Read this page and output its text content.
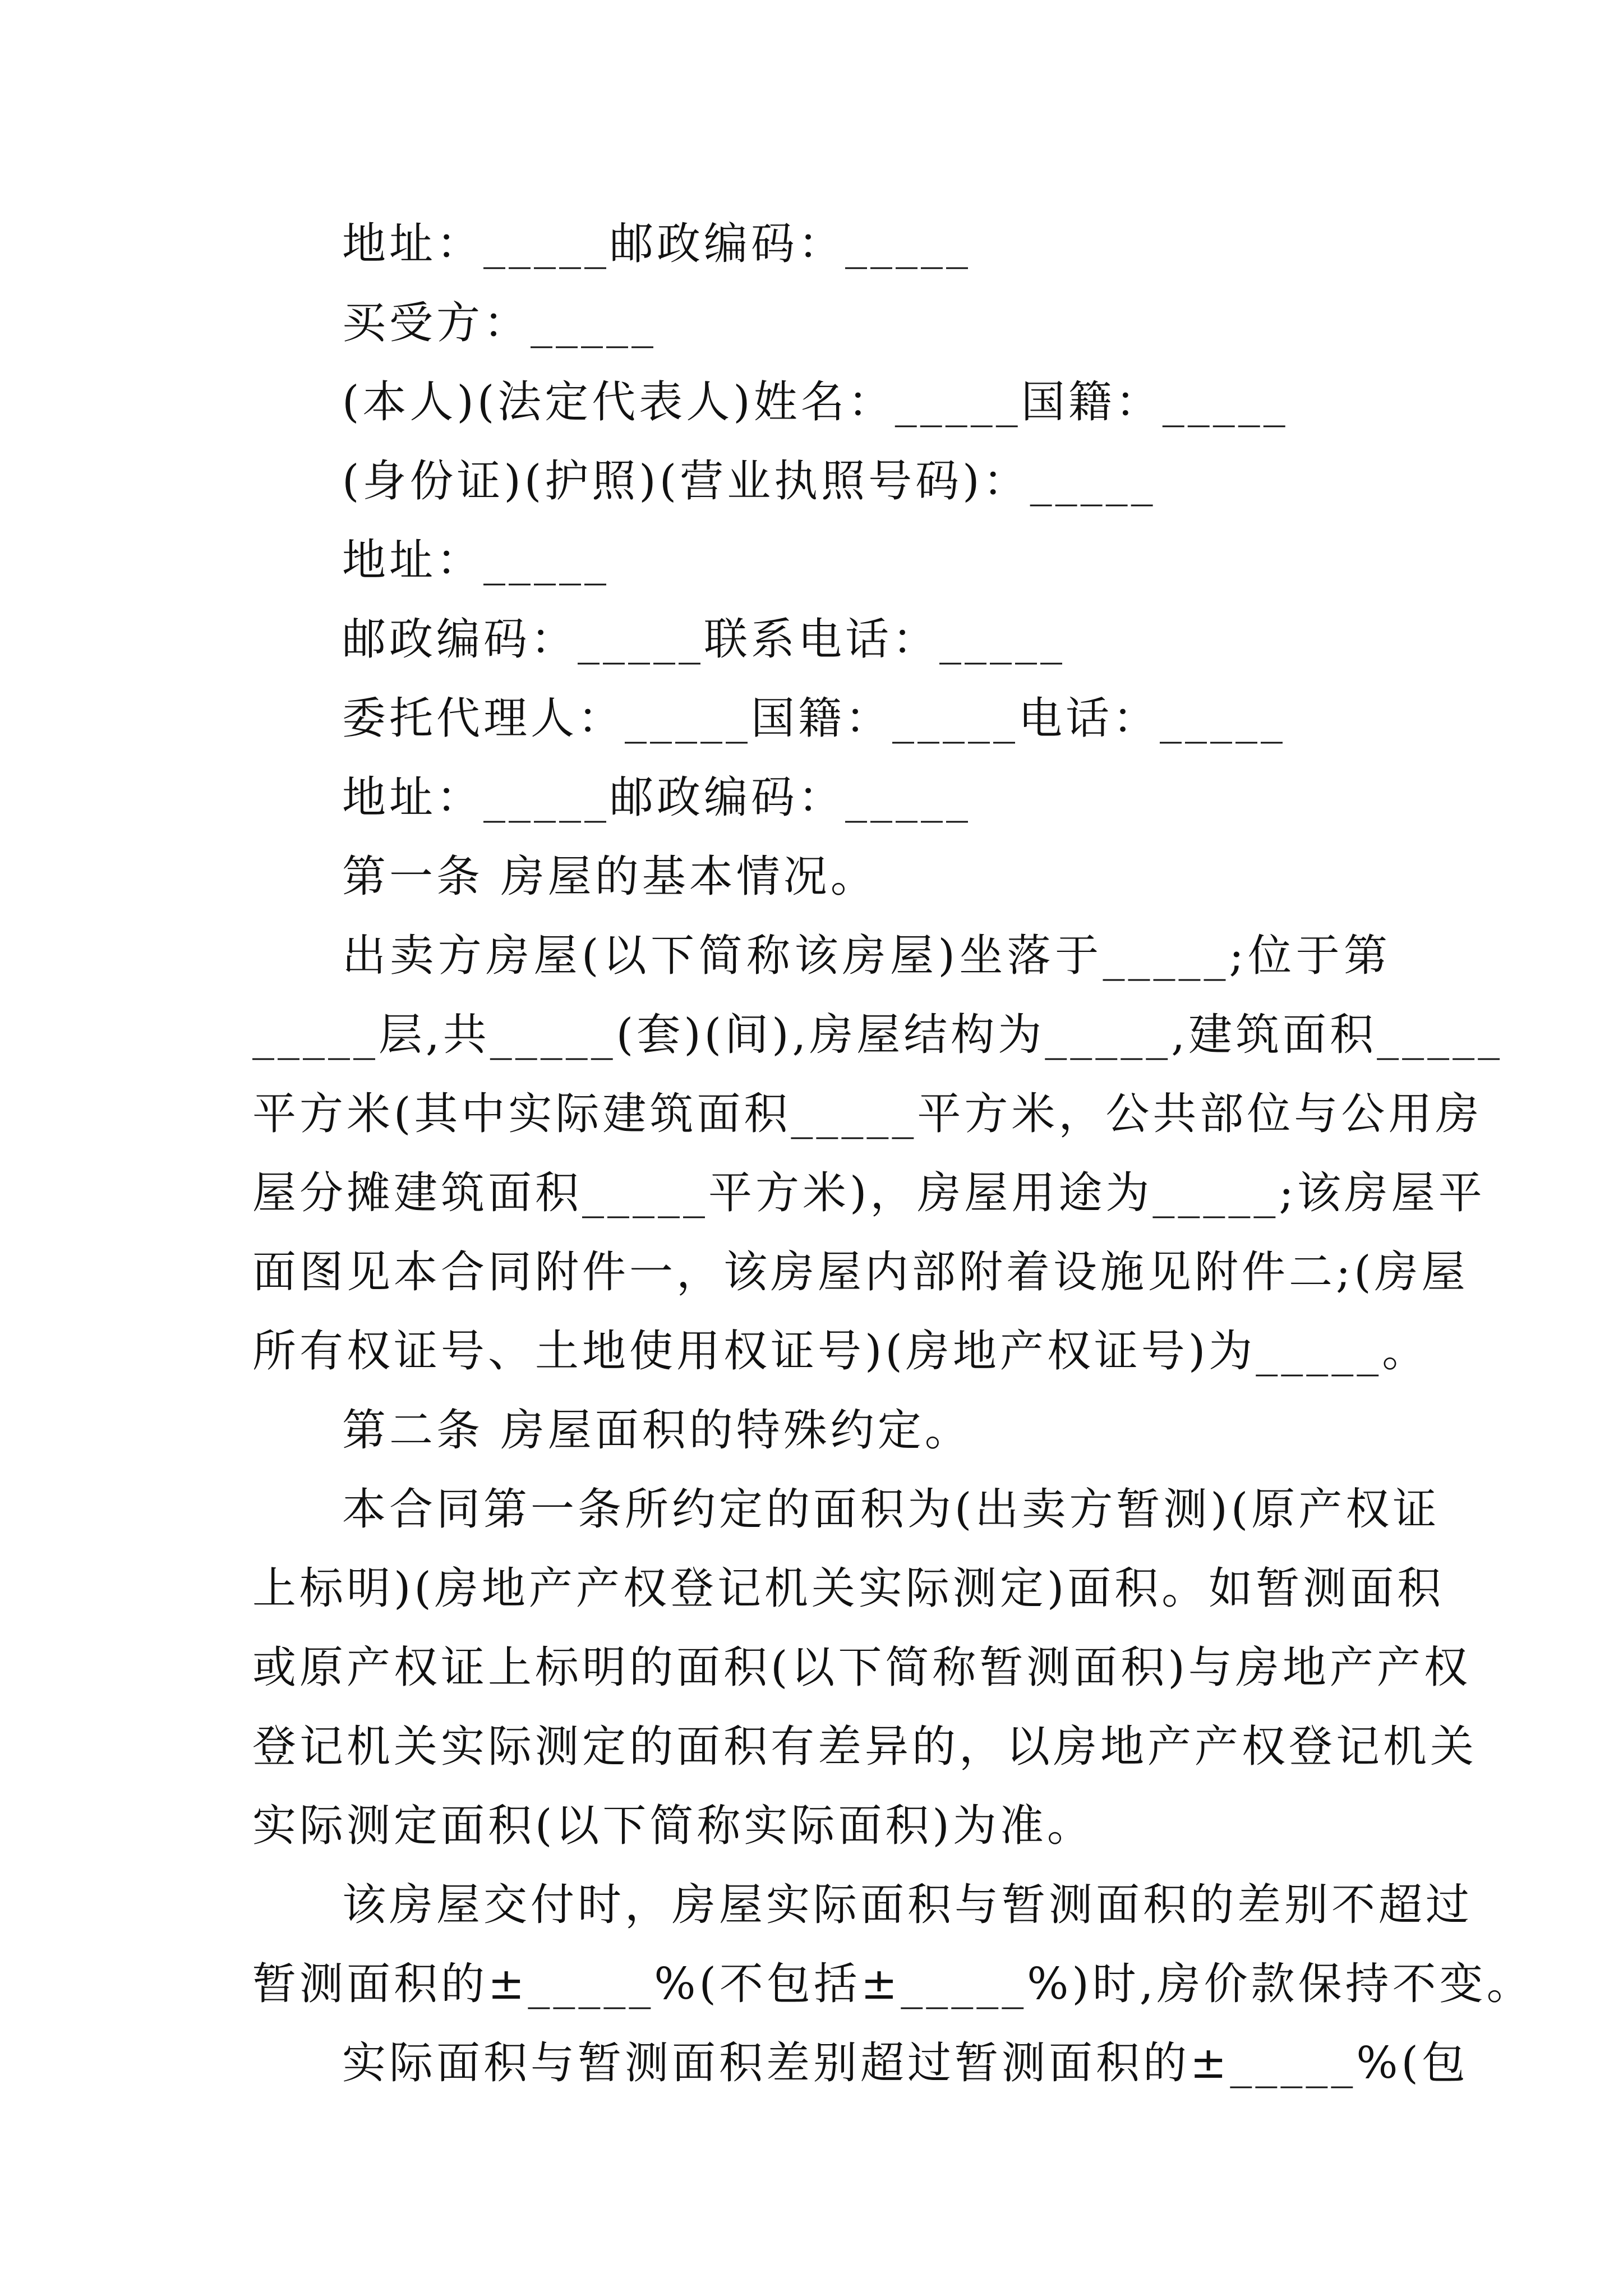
地址：_____邮政编码：_____
买受方：_____
(本人)(法定代表人)姓名：_____国籍：_____
(身份证)(护照)(营业执照号码)：_____
地址：_____
邮政编码：_____联系电话：_____
委托代理人：_____国籍：_____电话：_____
地址：_____邮政编码：_____
第一条 房屋的基本情况。
出卖方房屋(以下简称该房屋)坐落于_____;位于第
_____层,共_____(套)(间),房屋结构为_____,建筑面积_____
平方米(其中实际建筑面积_____平方米，公共部位与公用房
屋分摊建筑面积_____平方米)，房屋用途为_____;该房屋平
面图见本合同附件一，该房屋内部附着设施见附件二;(房屋
所有权证号、土地使用权证号)(房地产权证号)为_____。
第二条 房屋面积的特殊约定。
本合同第一条所约定的面积为(出卖方暂测)(原产权证
上标明)(房地产产权登记机关实际测定)面积。如暂测面积
或原产权证上标明的面积(以下简称暂测面积)与房地产产权
登记机关实际测定的面积有差异的，以房地产产权登记机关
实际测定面积(以下简称实际面积)为准。
该房屋交付时，房屋实际面积与暂测面积的差别不超过
暂测面积的±_____%(不包括±_____%)时,房价款保持不变。
实际面积与暂测面积差别超过暂测面积的±_____%(包
